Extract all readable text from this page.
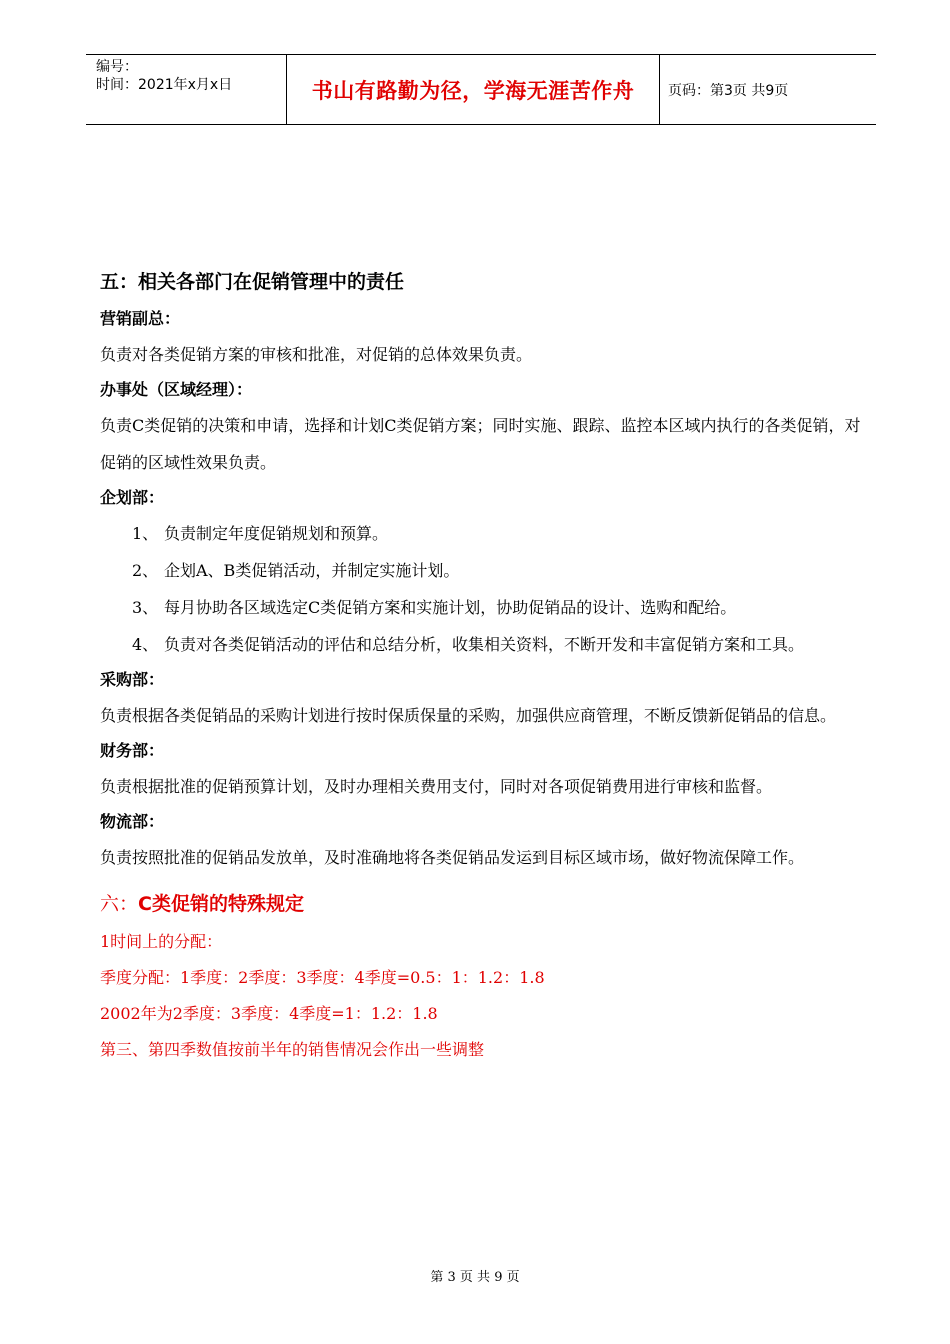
编号：
时间：2021年x月x日	书山有路勤为径，学海无涯苦作舟	页码：第3页 共9页
五：相关各部门在促销管理中的责任
营销副总：
负责对各类促销方案的审核和批准，对促销的总体效果负责。
办事处（区域经理）：
负责C类促销的决策和申请，选择和计划C类促销方案；同时实施、跟踪、监控本区域内执行的各类促销，对促销的区域性效果负责。
企划部：
1、 负责制定年度促销规划和预算。
2、 企划A、B类促销活动，并制定实施计划。
3、 每月协助各区域选定C类促销方案和实施计划，协助促销品的设计、选购和配给。
4、 负责对各类促销活动的评估和总结分析，收集相关资料，不断开发和丰富促销方案和工具。
采购部：
负责根据各类促销品的采购计划进行按时保质保量的采购，加强供应商管理，不断反馈新促销品的信息。
财务部：
负责根据批准的促销预算计划，及时办理相关费用支付，同时对各项促销费用进行审核和监督。
物流部：
负责按照批准的促销品发放单，及时准确地将各类促销品发运到目标区域市场，做好物流保障工作。
六：C类促销的特殊规定
1时间上的分配：
季度分配：1季度：2季度：3季度：4季度=0.5：1：1.2：1.8
2002年为2季度：3季度：4季度=1：1.2：1.8
第三、第四季数值按前半年的销售情况会作出一些调整
第 3 页 共 9 页
